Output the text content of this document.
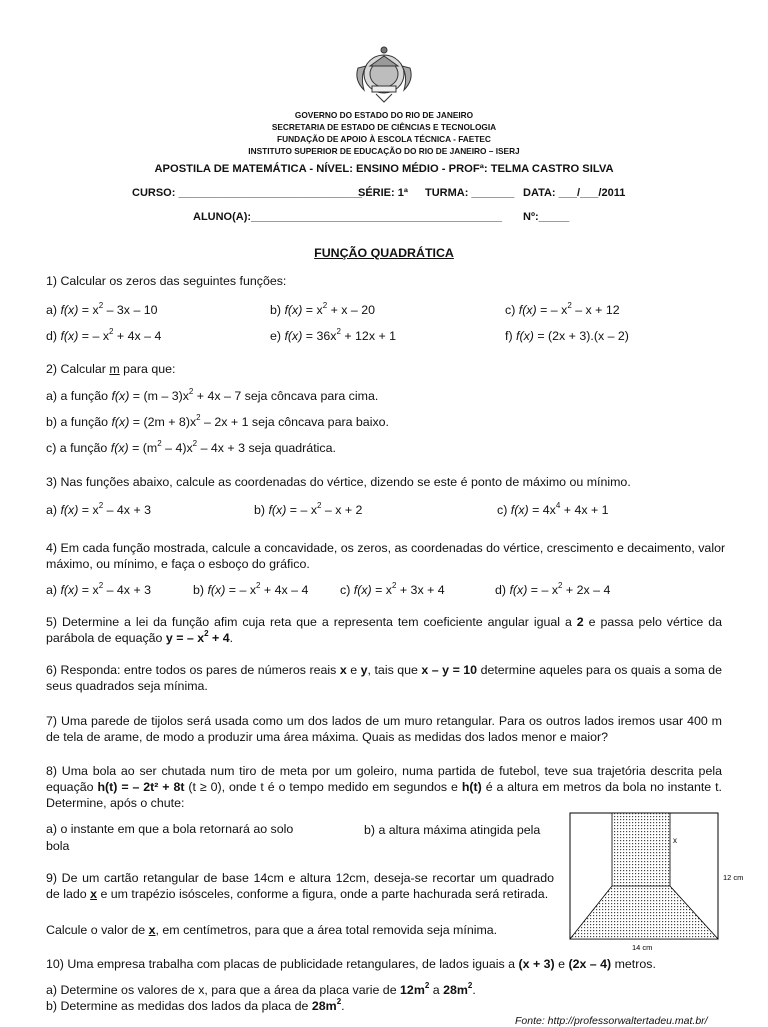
GOVERNO DO ESTADO DO RIO DE JANEIRO
SECRETARIA DE ESTADO DE CIÊNCIAS E TECNOLOGIA
FUNDAÇÃO DE APOIO À ESCOLA TÉCNICA - FAETEC
INSTITUTO SUPERIOR DE EDUCAÇÃO DO RIO DE JANEIRO – ISERJ
APOSTILA DE MATEMÁTICA - NÍVEL: ENSINO MÉDIO - PROFª: TELMA CASTRO SILVA
CURSO: ______________________________
SÉRIE: 1ª TURMA: _______ DATA: ___/___/2011
ALUNO(A):_________________________________________ Nº:_____
FUNÇÃO QUADRÁTICA
1) Calcular os zeros das seguintes funções:
a) $f(x) = x^2 - 3x - 10$	b) $f(x) = x^2 + x - 20$	c) f(x) = – $x^2 - x + 12$
d) f(x) = – $x^2 + 4x - 4$	e) $f(x) = 36x^2 + 12x + 1$	f) f(x) = (2x + 3).(x – 2)
2) Calcular m para que:
a) a função $f(x) = (m - 3)x^2 + 4x - 7$ seja côncava para cima.
b) a função $f(x) = (2m + 8)x^2 - 2x + 1$ seja côncava para baixo.
c) a função $f(x) = (m^2 - 4)x^2 - 4x + 3$ seja quadrática.
3) Nas funções abaixo, calcule as coordenadas do vértice, dizendo se este é ponto de máximo ou mínimo.
a) $f(x) = x^2 - 4x + 3$	b) f(x) = – $x^2 - x + 2$	c) $f(x) = 4x^4 + 4x + 1$
4) Em cada função mostrada, calcule a concavidade, os zeros, as coordenadas do vértice, crescimento e decaimento, valor máximo, ou mínimo, e faça o esboço do gráfico.
a) $f(x) = x^2 - 4x + 3$	b) f(x) = – $x^2 + 4x - 4$	c) $f(x) = x^2 + 3x + 4$	d) f(x) = – $x^2 + 2x - 4$
5) Determine a lei da função afim cuja reta que a representa tem coeficiente angular igual a 2 e passa pelo vértice da parábola de equação y = – $x^2 + 4$.
6) Responda: entre todos os pares de números reais x e y, tais que x – y = 10 determine aqueles para os quais a soma de seus quadrados seja mínima.
7) Uma parede de tijolos será usada como um dos lados de um muro retangular. Para os outros lados iremos usar 400 m de tela de arame, de modo a produzir uma área máxima. Quais as medidas dos lados menor e maior?
8) Uma bola ao ser chutada num tiro de meta por um goleiro, numa partida de futebol, teve sua trajetória descrita pela equação h(t) = – 2t² + 8t (t ≥ 0), onde t é o tempo medido em segundos e h(t) é a altura em metros da bola no instante t. Determine, após o chute:
a) o instante em que a bola retornará ao solo	b) a altura máxima atingida pela bola
9) De um cartão retangular de base 14cm e altura 12cm, deseja-se recortar um quadrado de lado x e um trapézio isósceles, conforme a figura, onde a parte hachurada será retirada.
Calcule o valor de x, em centímetros, para que a área total removida seja mínima.
x
12 cm
14 cm
10) Uma empresa trabalha com placas de publicidade retangulares, de lados iguais a (x + 3) e (2x – 4) metros.
a) Determine os valores de x, para que a área da placa varie de $12m^2$ a $28m^2$.
b) Determine as medidas dos lados da placa de $28m^2$.
Fonte: http://professorwaltertadeu.mat.br/
